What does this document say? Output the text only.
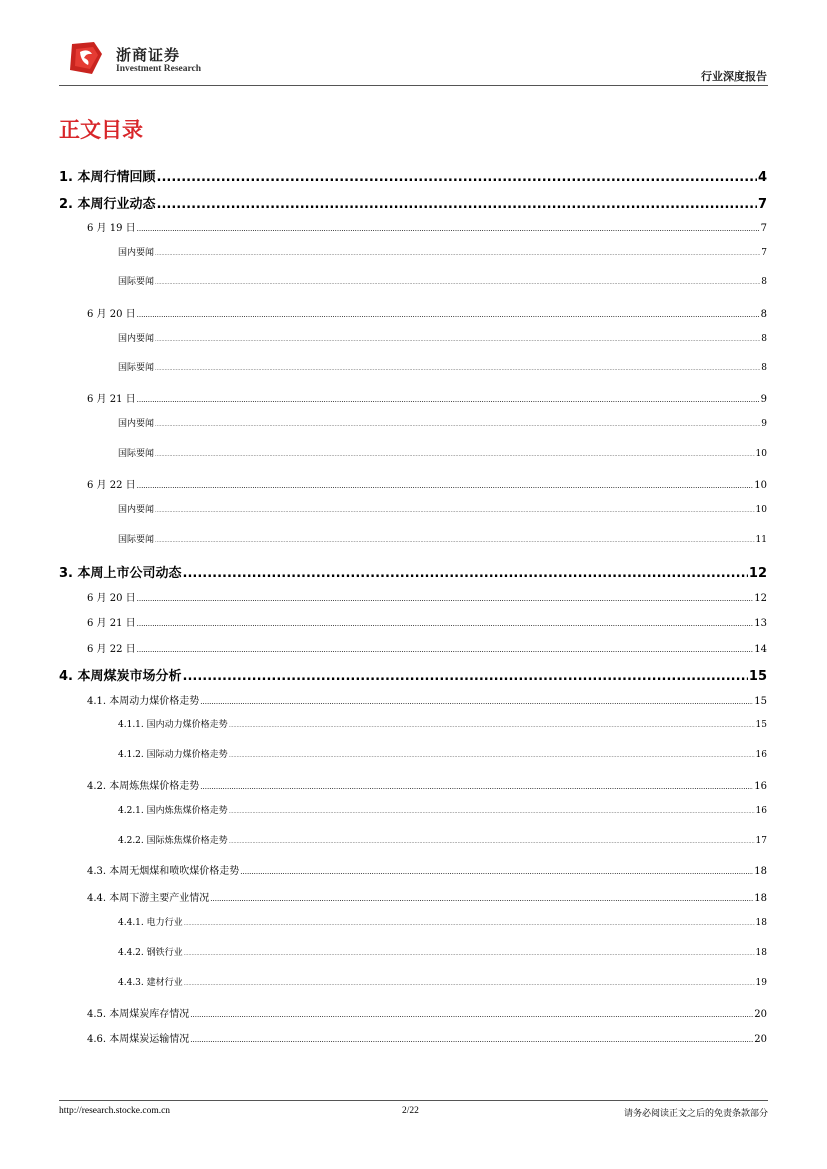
浙商证券
Investment Research
行业深度报告
正文目录
1. 本周行情回顾 .....	4
2. 本周行业动态 .....	7
6 月 19 日 .....	7
国内要闻 .....	7
国际要闻 .....	8
6 月 20 日 .....	8
国内要闻 .....	8
国际要闻 .....	8
6 月 21 日 .....	9
国内要闻 .....	9
国际要闻 .....	10
6 月 22 日 .....	10
国内要闻 .....	10
国际要闻 .....	11
3. 本周上市公司动态 .....	12
6 月 20 日 .....	12
6 月 21 日 .....	13
6 月 22 日 .....	14
4. 本周煤炭市场分析 .....	15
4.1. 本周动力煤价格走势 .....	15
4.1.1. 国内动力煤价格走势 .....	15
4.1.2. 国际动力煤价格走势 .....	16
4.2. 本周炼焦煤价格走势 .....	16
4.2.1. 国内炼焦煤价格走势 .....	16
4.2.2. 国际炼焦煤价格走势 .....	17
4.3. 本周无烟煤和喷吹煤价格走势 .....	18
4.4. 本周下游主要产业情况 .....	18
4.4.1. 电力行业 .....	18
4.4.2. 钢铁行业 .....	18
4.4.3. 建材行业 .....	19
4.5. 本周煤炭库存情况 .....	20
4.6. 本周煤炭运输情况 .....	20
http://research.stocke.com.cn	2/22	请务必阅读正文之后的免责条款部分
